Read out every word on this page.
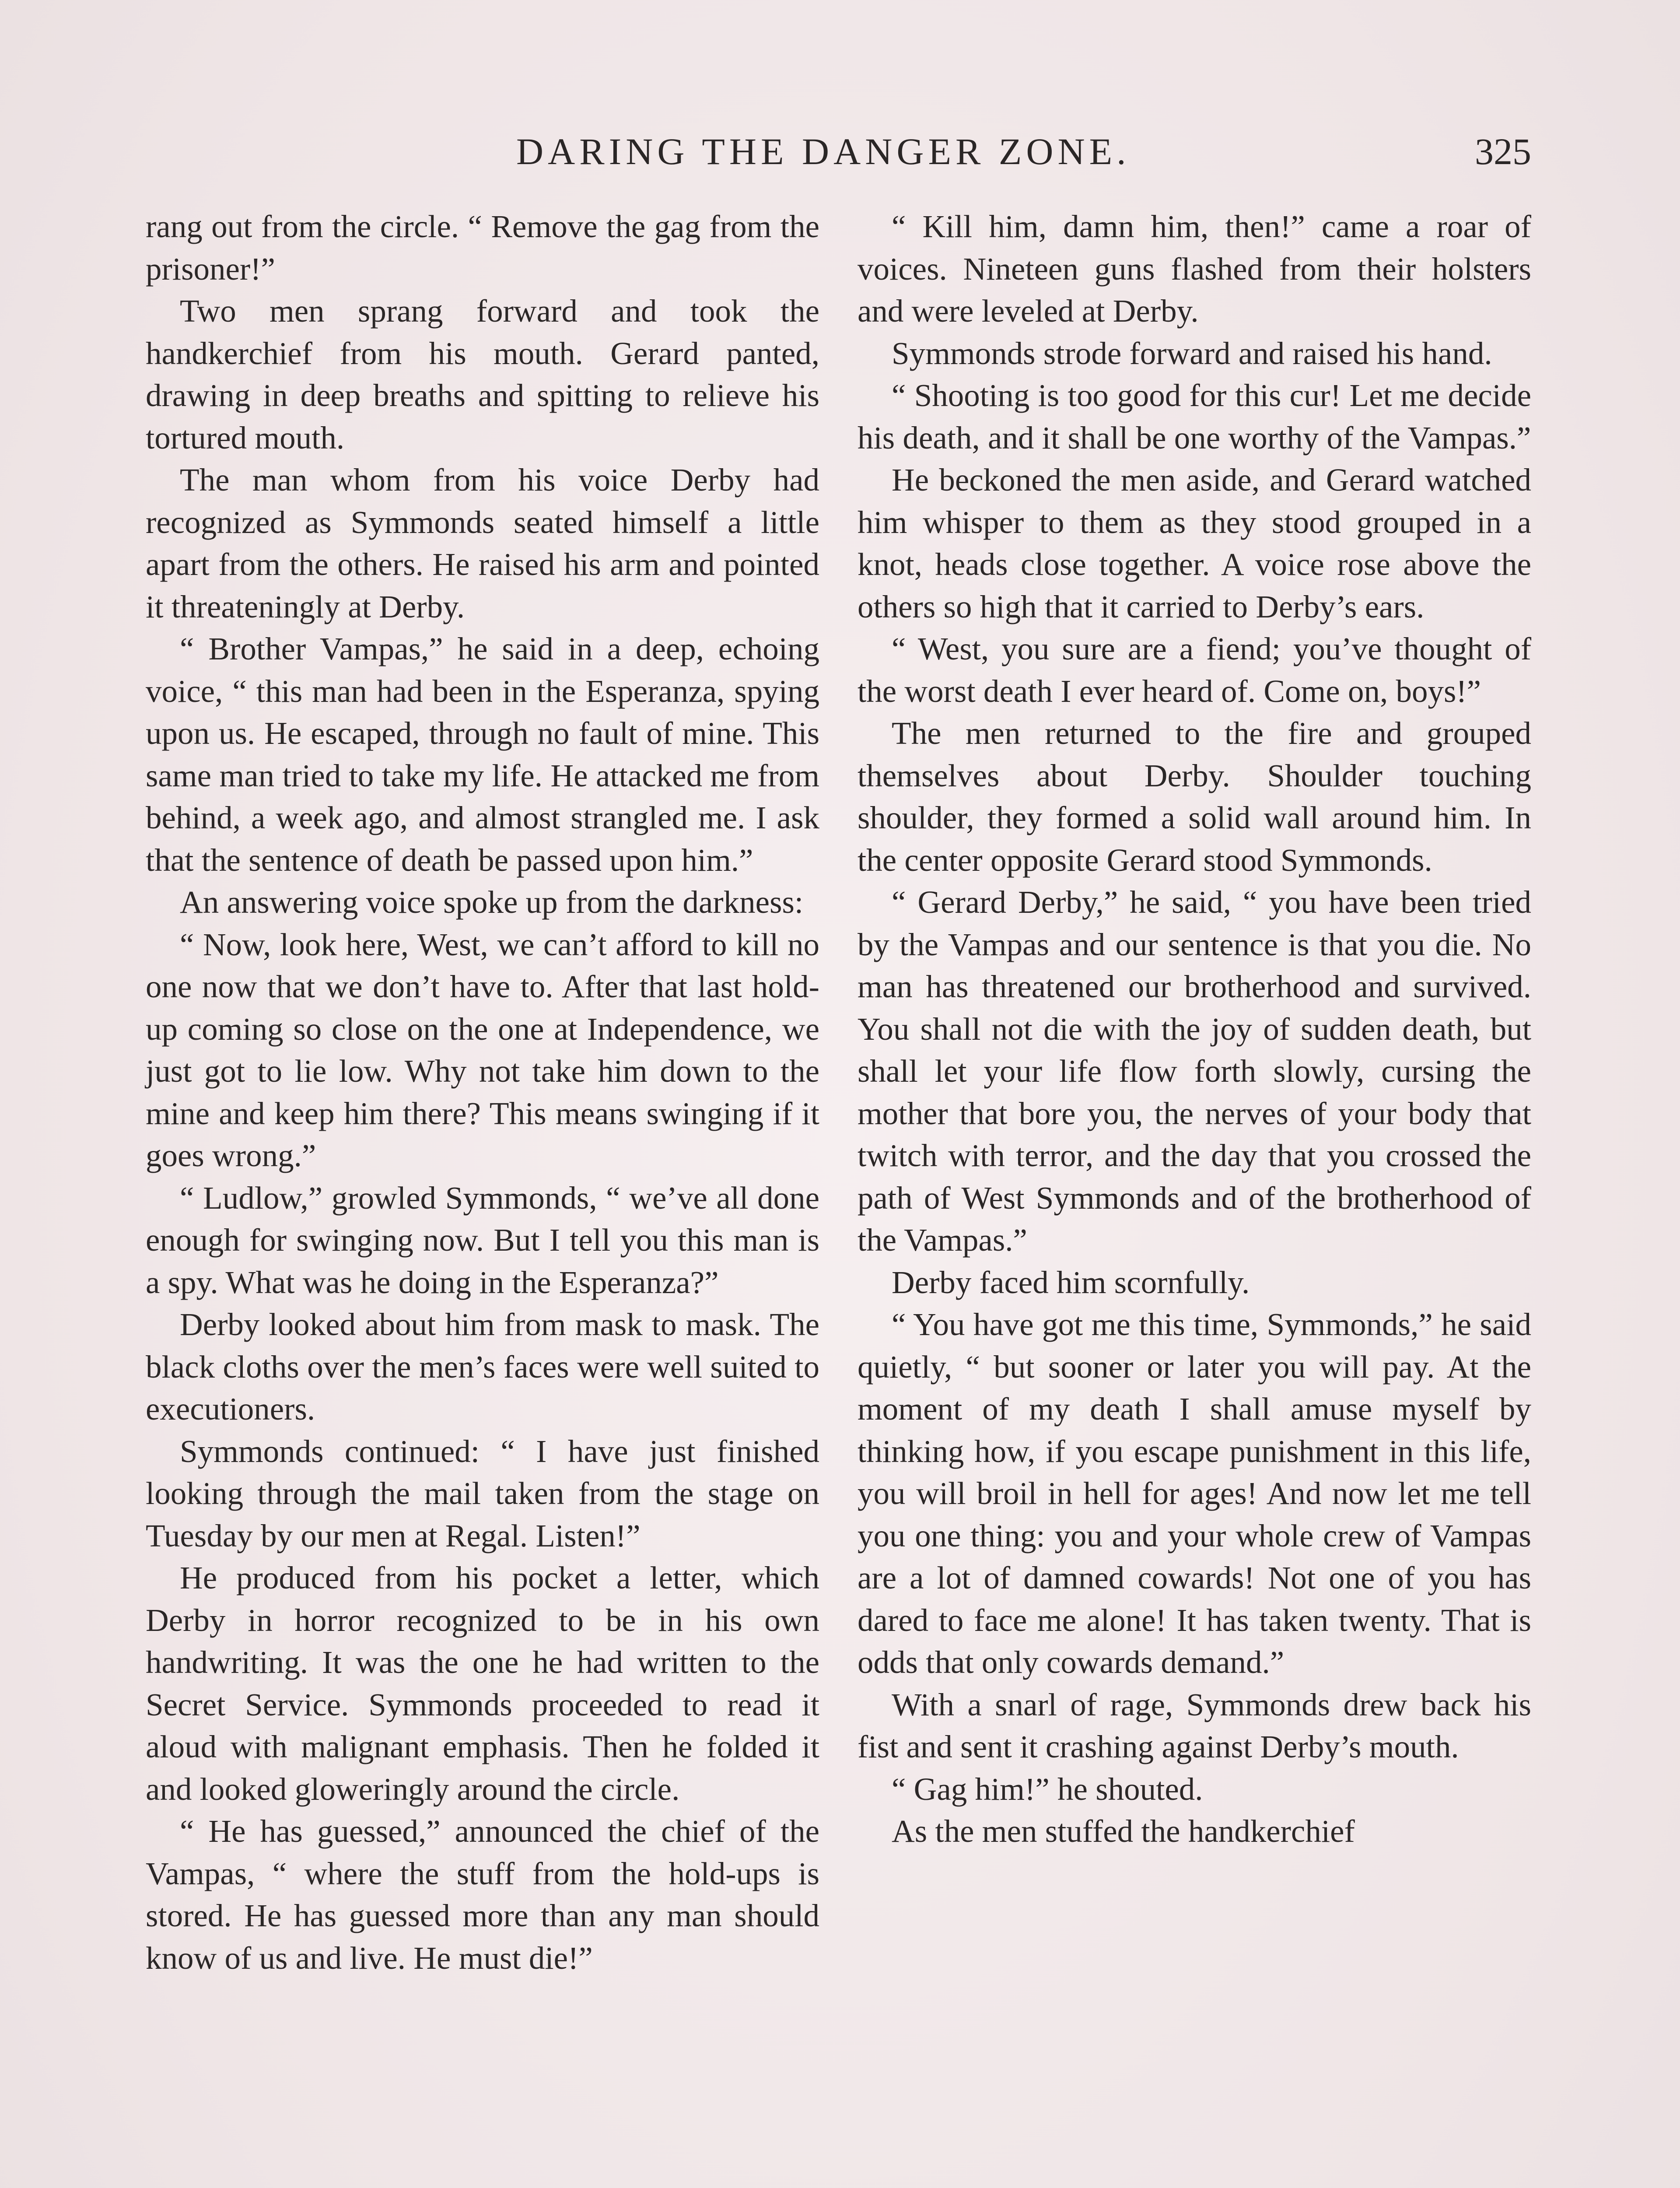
DARING THE DANGER ZONE.	325

rang out from the circle. “ Remove the gag from the prisoner!”

Two men sprang forward and took the handkerchief from his mouth. Gerard panted, drawing in deep breaths and spitting to relieve his tortured mouth.

The man whom from his voice Derby had recognized as Symmonds seated himself a little apart from the others. He raised his arm and pointed it threateningly at Derby.

“ Brother Vampas,” he said in a deep, echoing voice, “ this man had been in the Esperanza, spying upon us. He escaped, through no fault of mine. This same man tried to take my life. He attacked me from behind, a week ago, and almost strangled me. I ask that the sentence of death be passed upon him.”

An answering voice spoke up from the darkness:

“ Now, look here, West, we can’t afford to kill no one now that we don’t have to. After that last hold-up coming so close on the one at Independence, we just got to lie low. Why not take him down to the mine and keep him there? This means swinging if it goes wrong.”

“ Ludlow,” growled Symmonds, “ we’ve all done enough for swinging now. But I tell you this man is a spy. What was he doing in the Esperanza?”

Derby looked about him from mask to mask. The black cloths over the men’s faces were well suited to executioners.

Symmonds continued: “ I have just finished looking through the mail taken from the stage on Tuesday by our men at Regal. Listen!”

He produced from his pocket a letter, which Derby in horror recognized to be in his own handwriting. It was the one he had written to the Secret Service. Symmonds proceeded to read it aloud with malignant emphasis. Then he folded it and looked gloweringly around the circle.

“ He has guessed,” announced the chief of the Vampas, “ where the stuff from the hold-ups is stored. He has guessed more than any man should know of us and live. He must die!”

“ Kill him, damn him, then!” came a roar of voices. Nineteen guns flashed from their holsters and were leveled at Derby.

Symmonds strode forward and raised his hand.

“ Shooting is too good for this cur! Let me decide his death, and it shall be one worthy of the Vampas.”

He beckoned the men aside, and Gerard watched him whisper to them as they stood grouped in a knot, heads close together. A voice rose above the others so high that it carried to Derby’s ears.

“ West, you sure are a fiend; you’ve thought of the worst death I ever heard of. Come on, boys!”

The men returned to the fire and grouped themselves about Derby. Shoulder touching shoulder, they formed a solid wall around him. In the center opposite Gerard stood Symmonds.

“ Gerard Derby,” he said, “ you have been tried by the Vampas and our sentence is that you die. No man has threatened our brotherhood and survived. You shall not die with the joy of sudden death, but shall let your life flow forth slowly, cursing the mother that bore you, the nerves of your body that twitch with terror, and the day that you crossed the path of West Symmonds and of the brotherhood of the Vampas.”

Derby faced him scornfully.

“ You have got me this time, Symmonds,” he said quietly, “ but sooner or later you will pay. At the moment of my death I shall amuse myself by thinking how, if you escape punishment in this life, you will broil in hell for ages! And now let me tell you one thing: you and your whole crew of Vampas are a lot of damned cowards! Not one of you has dared to face me alone! It has taken twenty. That is odds that only cowards demand.”

With a snarl of rage, Symmonds drew back his fist and sent it crashing against Derby’s mouth.

“ Gag him!” he shouted.

As the men stuffed the handkerchief
